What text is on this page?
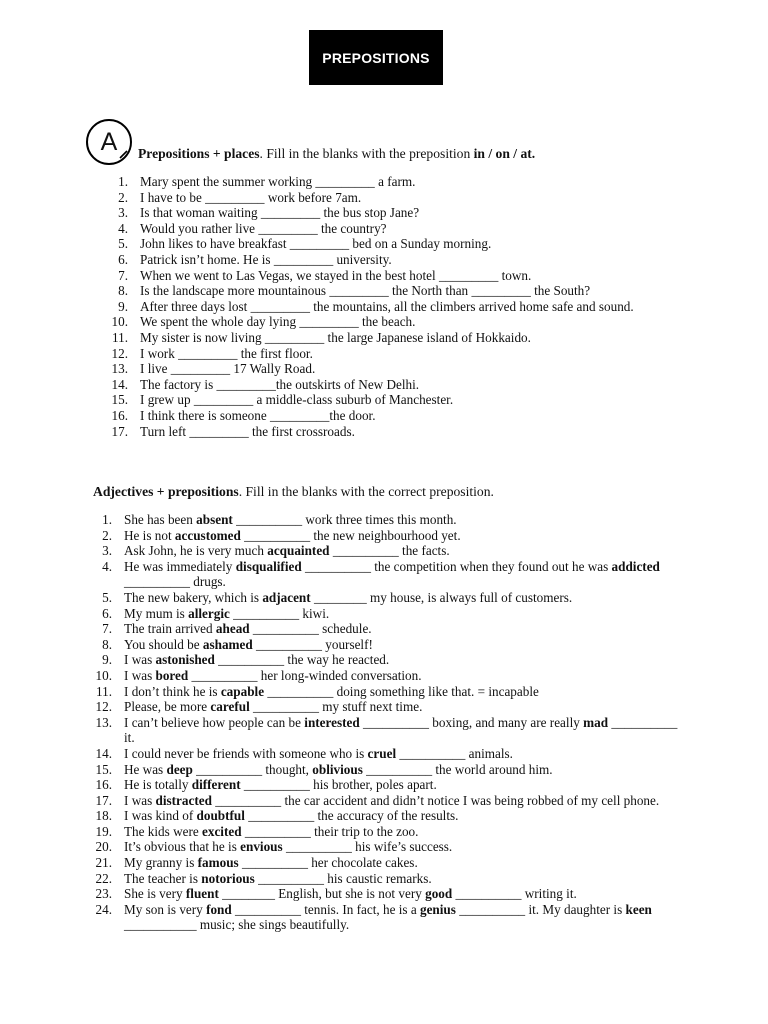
PREPOSITIONS
A	Prepositions + places. Fill in the blanks with the preposition in / on / at.
1. Mary spent the summer working _________ a farm.
2. I have to be _________ work before 7am.
3. Is that woman waiting _________ the bus stop Jane?
4. Would you rather live _________ the country?
5. John likes to have breakfast _________ bed on a Sunday morning.
6. Patrick isn’t home. He is _________ university.
7. When we went to Las Vegas, we stayed in the best hotel _________ town.
8. Is the landscape more mountainous _________ the North than _________ the South?
9. After three days lost _________ the mountains, all the climbers arrived home safe and sound.
10. We spent the whole day lying _________ the beach.
11. My sister is now living _________ the large Japanese island of Hokkaido.
12. I work _________ the first floor.
13. I live _________ 17 Wally Road.
14. The factory is _________the outskirts of New Delhi.
15. I grew up _________ a middle-class suburb of Manchester.
16. I think there is someone _________the door.
17. Turn left _________ the first crossroads.
Adjectives + prepositions. Fill in the blanks with the correct preposition.
1. She has been absent __________ work three times this month.
2. He is not accustomed __________ the new neighbourhood yet.
3. Ask John, he is very much acquainted __________ the facts.
4. He was immediately disqualified __________ the competition when they found out he was addicted __________ drugs.
5. The new bakery, which is adjacent ________ my house, is always full of customers.
6. My mum is allergic __________ kiwi.
7. The train arrived ahead __________ schedule.
8. You should be ashamed __________ yourself!
9. I was astonished __________ the way he reacted.
10. I was bored __________ her long-winded conversation.
11. I don’t think he is capable __________ doing something like that. = incapable
12. Please, be more careful __________ my stuff next time.
13. I can’t believe how people can be interested __________ boxing, and many are really mad __________ it.
14. I could never be friends with someone who is cruel __________ animals.
15. He was deep __________ thought, oblivious __________ the world around him.
16. He is totally different __________ his brother, poles apart.
17. I was distracted __________ the car accident and didn’t notice I was being robbed of my cell phone.
18. I was kind of doubtful __________ the accuracy of the results.
19. The kids were excited __________ their trip to the zoo.
20. It’s obvious that he is envious __________ his wife’s success.
21. My granny is famous __________ her chocolate cakes.
22. The teacher is notorious __________ his caustic remarks.
23. She is very fluent ________ English, but she is not very good __________ writing it.
24. My son is very fond __________ tennis. In fact, he is a genius __________ it. My daughter is keen ___________ music; she sings beautifully.
